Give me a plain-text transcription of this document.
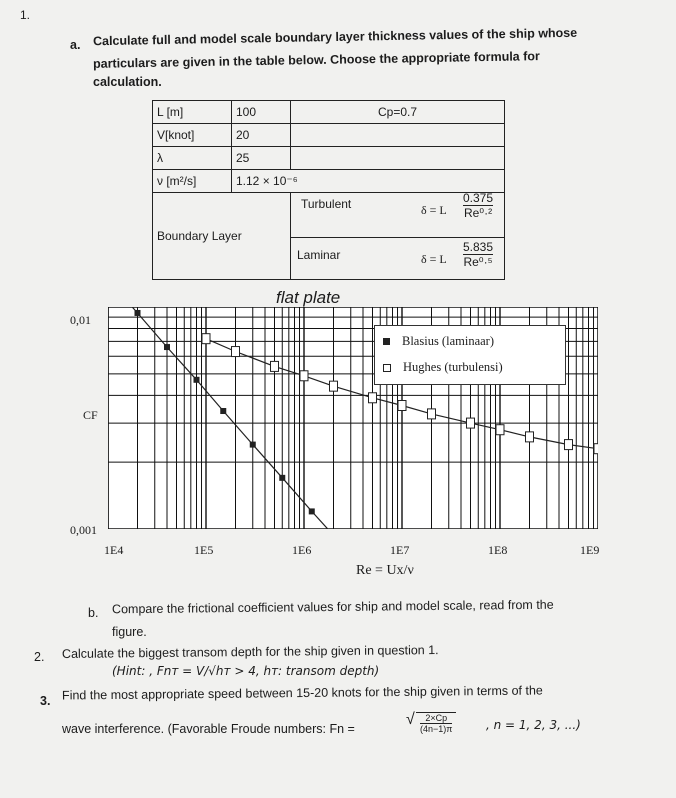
1.
a. Calculate full and model scale boundary layer thickness values of the ship whose
particulars are given in the table below. Choose the appropriate formula for
calculation.
L [m]	100	Cp=0.7
V[knot]	20	
λ	25	
ν [m²/s]	1.12 × 10⁻⁶	
Boundary Layer		Turbulent δ = L $\frac{0.375}{\text{Re⁰·²}}$

		Laminar δ = L $\frac{5.835}{\text{Re⁰·⁵}}$
flat plate
0,01
0,001
CF
Blasius (laminaar)
Hughes (turbulensi)
1E4	1E5	1E6	1E7	1E8	1E9
Re = Ux/ν
b. Compare the frictional coefficient values for ship and model scale, read from the
figure.
2. Calculate the biggest transom depth for the ship given in question 1.
(Hint: , Fnᴛ = V/√hᴛ > 4, hᴛ: transom depth)
3. Find the most appropriate speed between 15-20 knots for the ship given in terms of the
wave interference. (Favorable Froude numbers: Fn =
√ $\frac{2\times Cp}{(4n-1)\pi}$ , n = 1, 2, 3, ...)
